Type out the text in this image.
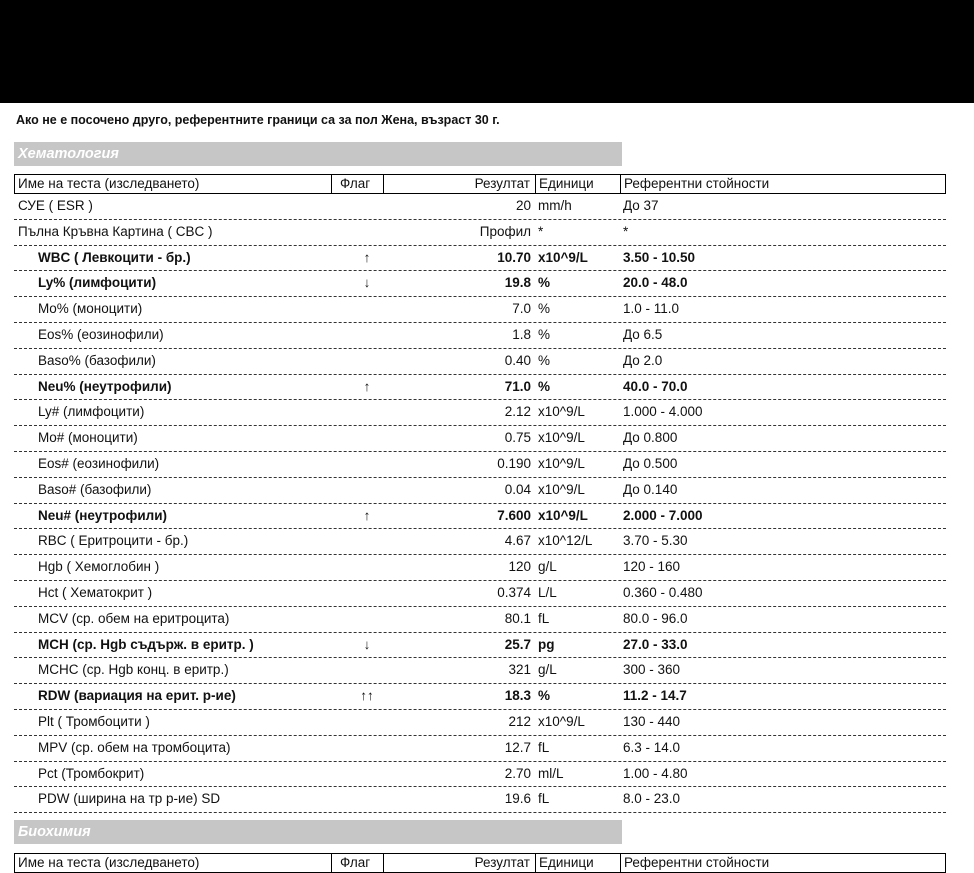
Ако не е посочено друго, референтните граници са за пол Жена, възраст 30 г.
Хематология
Име на теста (изследването)	Флаг	Резултат Единици Референтни стойности
СУЕ ( ESR )	20 mm/h	До 37
Пълна Кръвна Картина ( CBC )	Профил *	*
WBC ( Левкоцити - бр.)	↑	10.70 x10^9/L	3.50 - 10.50
Ly% (лимфоцити)	↓	19.8 %	20.0 - 48.0
Mo% (моноцити)	7.0 %	1.0 - 11.0
Eos% (еозинофили)	1.8 %	До 6.5
Baso% (базофили)	0.40 %	До 2.0
Neu% (неутрофили)	↑	71.0 %	40.0 - 70.0
Ly# (лимфоцити)	2.12 x10^9/L	1.000 - 4.000
Mo# (моноцити)	0.75 x10^9/L	До 0.800
Eos# (еозинофили)	0.190 x10^9/L	До 0.500
Baso# (базофили)	0.04 x10^9/L	До 0.140
Neu# (неутрофили)	↑	7.600 x10^9/L	2.000 - 7.000
RBC ( Еритроцити - бр.)	4.67 x10^12/L 3.70 - 5.30
Hgb ( Хемоглобин )	120 g/L	120 - 160
Hct ( Хематокрит )	0.374 L/L	0.360 - 0.480
MCV (ср. обем на еритроцита)	80.1 fL	80.0 - 96.0
MCH (ср. Hgb съдърж. в еритр. )	↓	25.7 pg	27.0 - 33.0
MCHC (ср. Hgb конц. в еритр.)	321 g/L	300 - 360
RDW (вариация на ерит. р-ие)	↑↑	18.3 %	11.2 - 14.7
Plt ( Тромбоцити )	212 x10^9/L	130 - 440
MPV (ср. обем на тромбоцита)	12.7 fL	6.3 - 14.0
Pct (Тромбокрит)	2.70 ml/L	1.00 - 4.80
PDW (ширина на тр р-ие) SD	19.6 fL	8.0 - 23.0
Биохимия
Име на теста (изследването)	Флаг	Резултат Единици Референтни стойности
